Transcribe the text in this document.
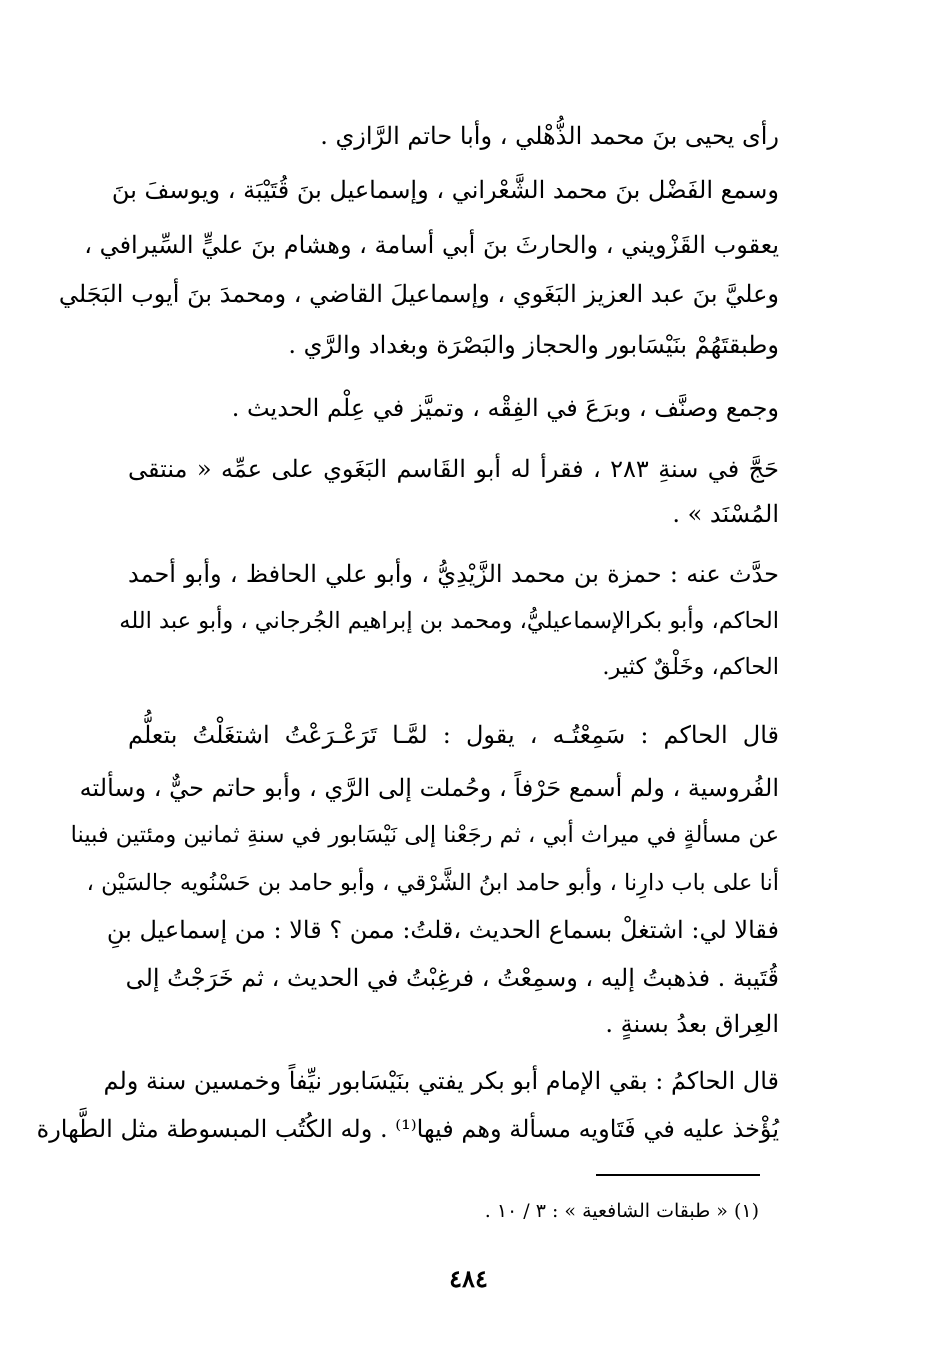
رأى يحيى بنَ محمد الذُّهْلي ، وأبا حاتم الرَّازي .
وسمع الفَضْل بنَ محمد الشَّعْراني ، وإسماعيل بنَ قُتَيْبَة ، ويوسفَ بنَ
يعقوب القَزْويني ، والحارثَ بنَ أبي أسامة ، وهشام بنَ عليٍّ السِّيرافي ،
وعليَّ بنَ عبد العزيز البَغَوي ، وإسماعيلَ القاضي ، ومحمدَ بنَ أيوب البَجَلي
وطبقتَهُمْ بنَيْسَابور والحجاز والبَصْرَة وبغداد والرَّي .
وجمع وصنَّف ، وبرَعَ في الفِقْه ، وتميَّز في عِلْم الحديث .
حَجَّ في سنةِ ٢٨٣ ، فقرأ له أبو القَاسم البَغَوي على عمِّه « منتقى
المُسْنَد » .
حدَّث عنه : حمزة بن محمد الزَّيْدِيُّ ، وأبو علي الحافظ ، وأبو أحمد
الحاكم، وأبو بكرالإسماعيليُّ، ومحمد بن إبراهيم الجُرجاني ، وأبو عبد الله
الحاكم، وخَلْقٌ كثير.
قال الحاكم : سَمِعْتُـه ، يقول : لمَّـا تَرَعْـرَعْتُ اشتغَلْتُ بتعلُّم
الفُروسية ، ولم أسمع حَرْفاً ، وحُملت إلى الرَّي ، وأبو حاتم حيٌّ ، وسألته
عن مسألةٍ في ميراث أبي ، ثم رجَعْنا إلى نَيْسَابور في سنةِ ثمانين ومئتين فبينا
أنا على باب دارِنا ، وأبو حامد ابنُ الشَّرْقي ، وأبو حامد بن حَسْنُويه جالسَيْن ،
فقالا لي: اشتغلْ بسماع الحديث ،قلتُ: ممن ؟ قالا : من إسماعيل بنِ
قُتَيبة . فذهبتُ إليه ، وسمِعْتُ ، فرغِبْتُ في الحديث ، ثم خَرَجْتُ إلى
العِراق بعدُ بسنةٍ .
قال الحاكمُ : بقي الإمام أبو بكر يفتي بنَيْسَابور نيِّفاً وخمسين سنة ولم
يُؤْخذ عليه في فَتَاويه مسألة وهم فيها⁽¹⁾ . وله الكُتُب المبسوطة مثل الطَّهارة
(١) « طبقات الشافعية » : ٣ / ١٠ .
٤٨٤
